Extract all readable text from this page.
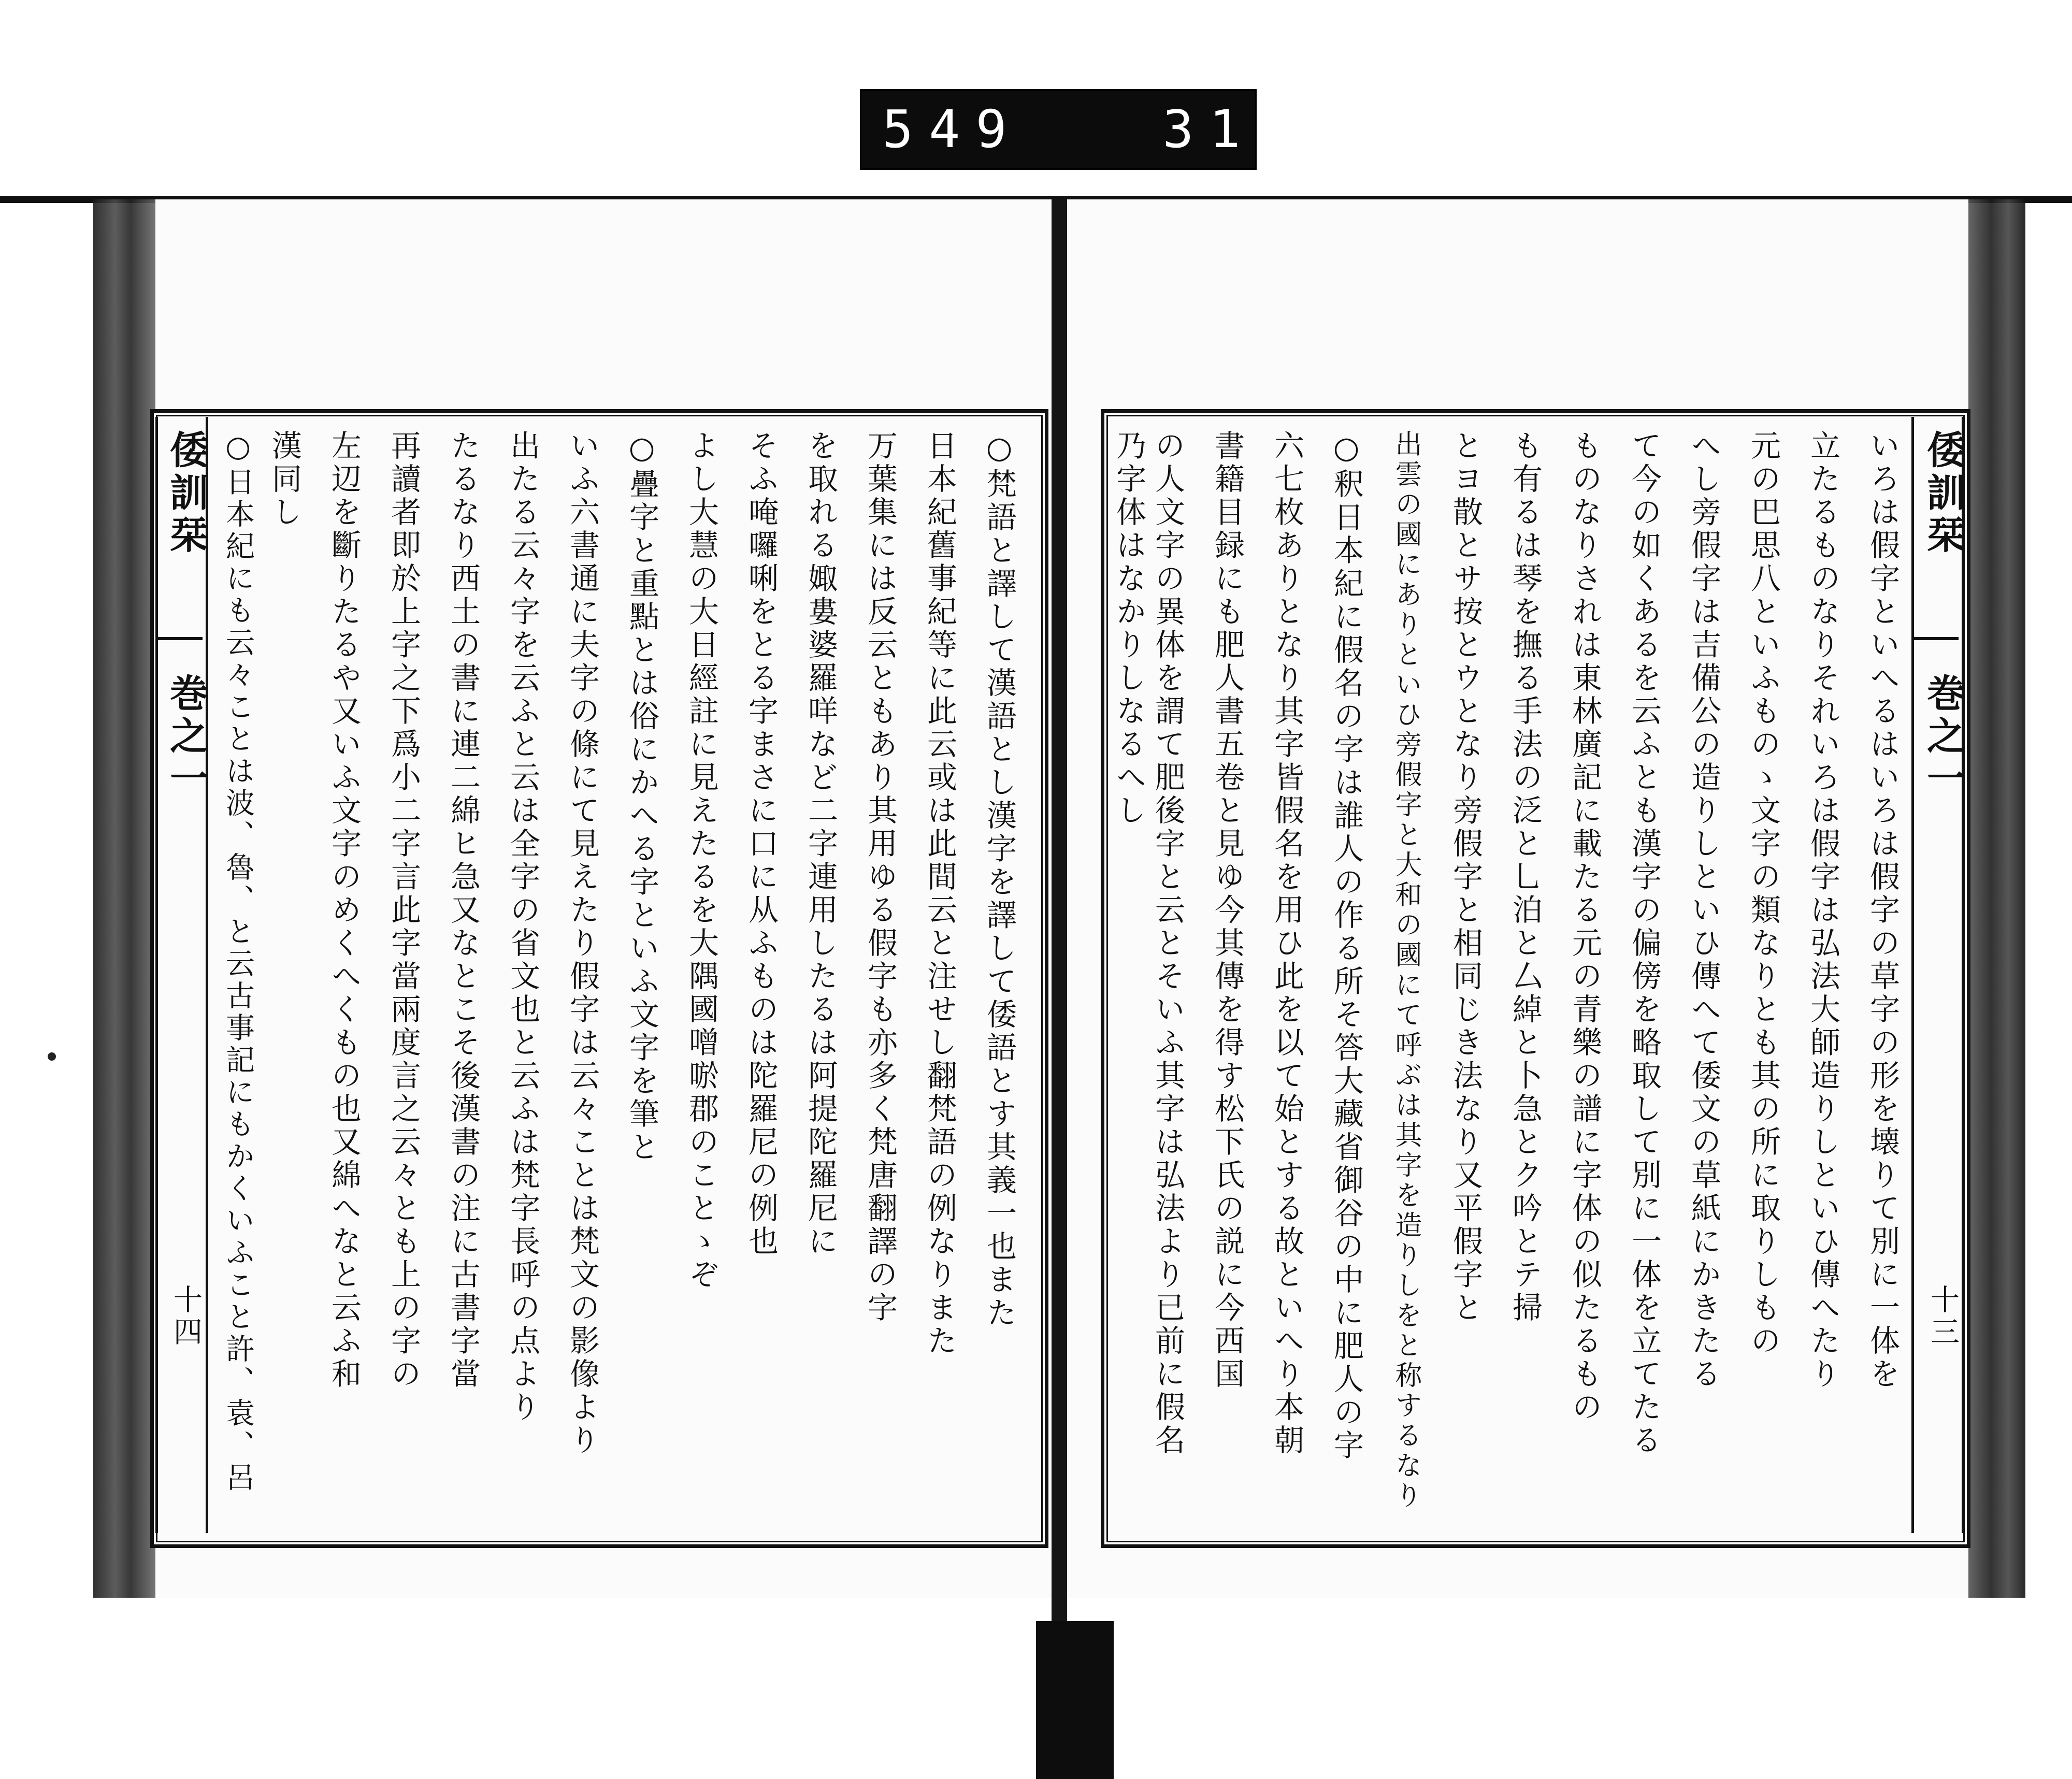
549   311.
倭訓栞
巻之一
十四
倭訓栞
巻之一
十三
○梵語と譯して漢語とし漢字を譯して倭語とす其義一也また
日本紀舊事紀等に此云或は此間云と注せし翻梵語の例なりまた
万葉集には反云ともあり其用ゆる假字も亦多く梵唐翻譯の字
を取れる娵婁婆羅咩など二字連用したるは阿提陀羅尼に
そふ唵囉唎をとる字まさに口に从ふものは陀羅尼の例也
よし大慧の大日經註に見えたるを大隅國噌唹郡のことゝぞ
○疊字と重點とは俗にかへる字といふ文字を筆と
いふ六書通に夫字の條にて見えたり假字は云々ことは梵文の影像より
出たる云々字を云ふと云は全字の省文也と云ふは梵字長呼の点より
たるなり西土の書に連二綿ヒ急又なとこそ後漢書の注に古書字當
再讀者即於上字之下爲小二字言此字當兩度言之云々とも上の字の
左辺を斷りたるや又いふ文字のめくへくもの也又綿へなと云ふ和
漢同し
○日本紀にも云々ことは波、魯、と云古事記にもかくいふこと許、袁、呂	いろは假字といへるはいろは假字の草字の形を壊りて別に一体を
立たるものなりそれいろは假字は弘法大師造りしといひ傳へたり
元の巴思八といふものゝ文字の類なりとも其の所に取りしもの
へし旁假字は吉備公の造りしといひ傳へて倭文の草紙にかきたる
て今の如くあるを云ふとも漢字の偏傍を略取して別に一体を立てたる
ものなりされは東林廣記に載たる元の青樂の譜に字体の似たるもの
も有るは琴を撫る手法の泛と乚泊と厶綽と卜急とク吟とテ掃
とヨ散とサ按とウとなり旁假字と相同じき法なり又平假字と
出雲の國にありといひ旁假字と大和の國にて呼ぶは其字を造りしをと称するなり
○釈日本紀に假名の字は誰人の作る所そ答大藏省御谷の中に肥人の字
六七枚ありとなり其字皆假名を用ひ此を以て始とする故といへり本朝
書籍目録にも肥人書五卷と見ゆ今其傳を得す松下氏の説に今西国
の人文字の異体を謂て肥後字と云とそいふ其字は弘法より已前に假名
乃字体はなかりしなるへし
